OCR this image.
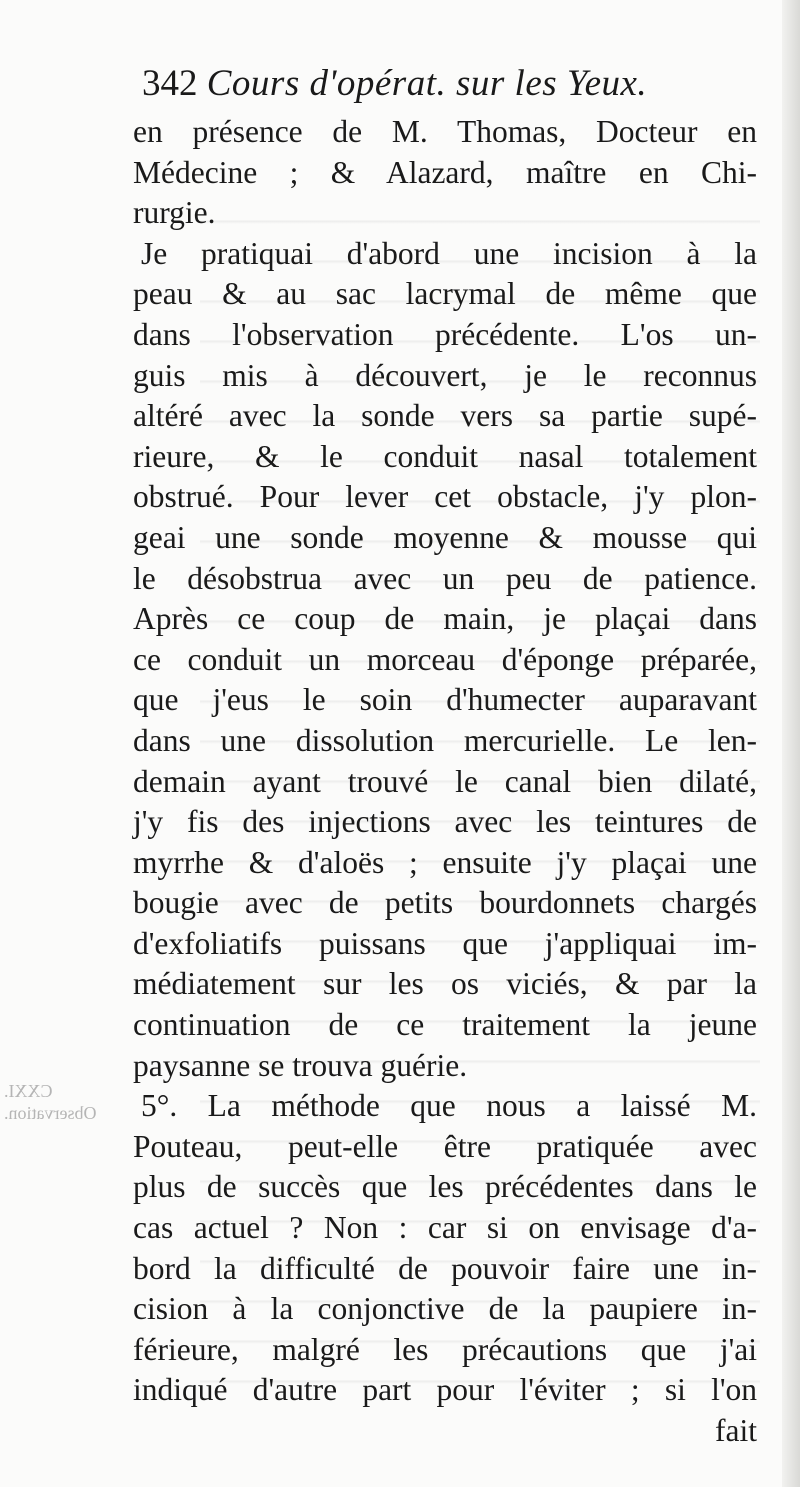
342 Cours d'opérat. sur les Yeux.
en présence de M. Thomas, Docteur en
Médecine ; & Alazard, maître en Chi-
rurgie.
Je pratiquai d'abord une incision à la
peau & au sac lacrymal de même que
dans l'observation précédente. L'os un-
guis mis à découvert, je le reconnus
altéré avec la sonde vers sa partie supé-
rieure, & le conduit nasal totalement
obstrué. Pour lever cet obstacle, j'y plon-
geai une sonde moyenne & mousse qui
le désobstrua avec un peu de patience.
Après ce coup de main, je plaçai dans
ce conduit un morceau d'éponge préparée,
que j'eus le soin d'humecter auparavant
dans une dissolution mercurielle. Le len-
demain ayant trouvé le canal bien dilaté,
j'y fis des injections avec les teintures de
myrrhe & d'aloës ; ensuite j'y plaçai une
bougie avec de petits bourdonnets chargés
d'exfoliatifs puissans que j'appliquai im-
médiatement sur les os viciés, & par la
continuation de ce traitement la jeune
paysanne se trouva guérie.
5°. La méthode que nous a laissé M.
Pouteau, peut-elle être pratiquée avec
plus de succès que les précédentes dans le
cas actuel ? Non : car si on envisage d'a-
bord la difficulté de pouvoir faire une in-
cision à la conjonctive de la paupiere in-
férieure, malgré les précautions que j'ai
indiqué d'autre part pour l'éviter ; si l'on
fait
CXXI.
Observation.
